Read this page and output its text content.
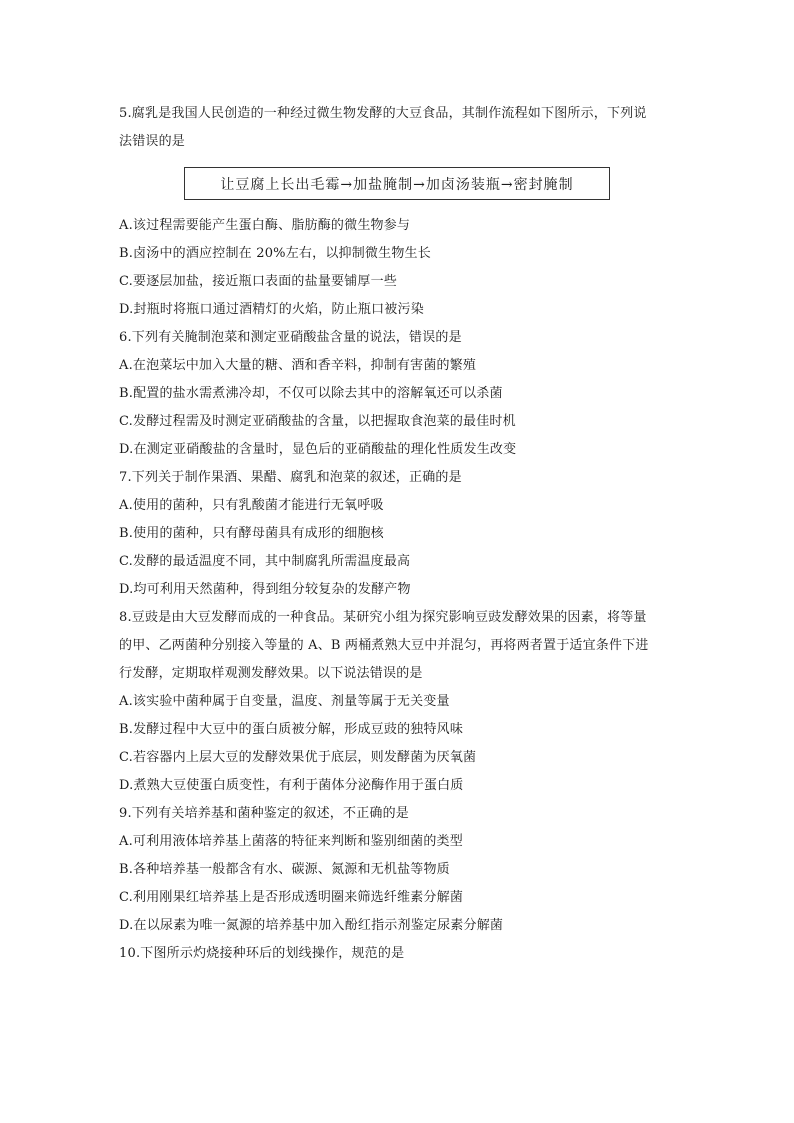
5.腐乳是我国人民创造的一种经过微生物发酵的大豆食品，其制作流程如下图所示，下列说
法错误的是
让豆腐上长出毛霉→加盐腌制→加卤汤装瓶→密封腌制
A.该过程需要能产生蛋白酶、脂肪酶的微生物参与
B.卤汤中的酒应控制在 20%左右，以抑制微生物生长
C.要逐层加盐，接近瓶口表面的盐量要铺厚一些
D.封瓶时将瓶口通过酒精灯的火焰，防止瓶口被污染
6.下列有关腌制泡菜和测定亚硝酸盐含量的说法，错误的是
A.在泡菜坛中加入大量的糖、酒和香辛料，抑制有害菌的繁殖
B.配置的盐水需煮沸冷却，不仅可以除去其中的溶解氧还可以杀菌
C.发酵过程需及时测定亚硝酸盐的含量，以把握取食泡菜的最佳时机
D.在测定亚硝酸盐的含量时，显色后的亚硝酸盐的理化性质发生改变
7.下列关于制作果酒、果醋、腐乳和泡菜的叙述，正确的是
A.使用的菌种，只有乳酸菌才能进行无氧呼吸
B.使用的菌种，只有酵母菌具有成形的细胞核
C.发酵的最适温度不同，其中制腐乳所需温度最高
D.均可利用天然菌种，得到组分较复杂的发酵产物
8.豆豉是由大豆发酵而成的一种食品。某研究小组为探究影响豆豉发酵效果的因素，将等量
的甲、乙两菌种分别接入等量的 A、B 两桶煮熟大豆中并混匀，再将两者置于适宜条件下进
行发酵，定期取样观测发酵效果。以下说法错误的是
A.该实验中菌种属于自变量，温度、剂量等属于无关变量
B.发酵过程中大豆中的蛋白质被分解，形成豆豉的独特风味
C.若容器内上层大豆的发酵效果优于底层，则发酵菌为厌氧菌
D.煮熟大豆使蛋白质变性，有利于菌体分泌酶作用于蛋白质
9.下列有关培养基和菌种鉴定的叙述，不正确的是
A.可利用液体培养基上菌落的特征来判断和鉴别细菌的类型
B.各种培养基一般都含有水、碳源、氮源和无机盐等物质
C.利用刚果红培养基上是否形成透明圈来筛选纤维素分解菌
D.在以尿素为唯一氮源的培养基中加入酚红指示剂鉴定尿素分解菌
10.下图所示灼烧接种环后的划线操作，规范的是
